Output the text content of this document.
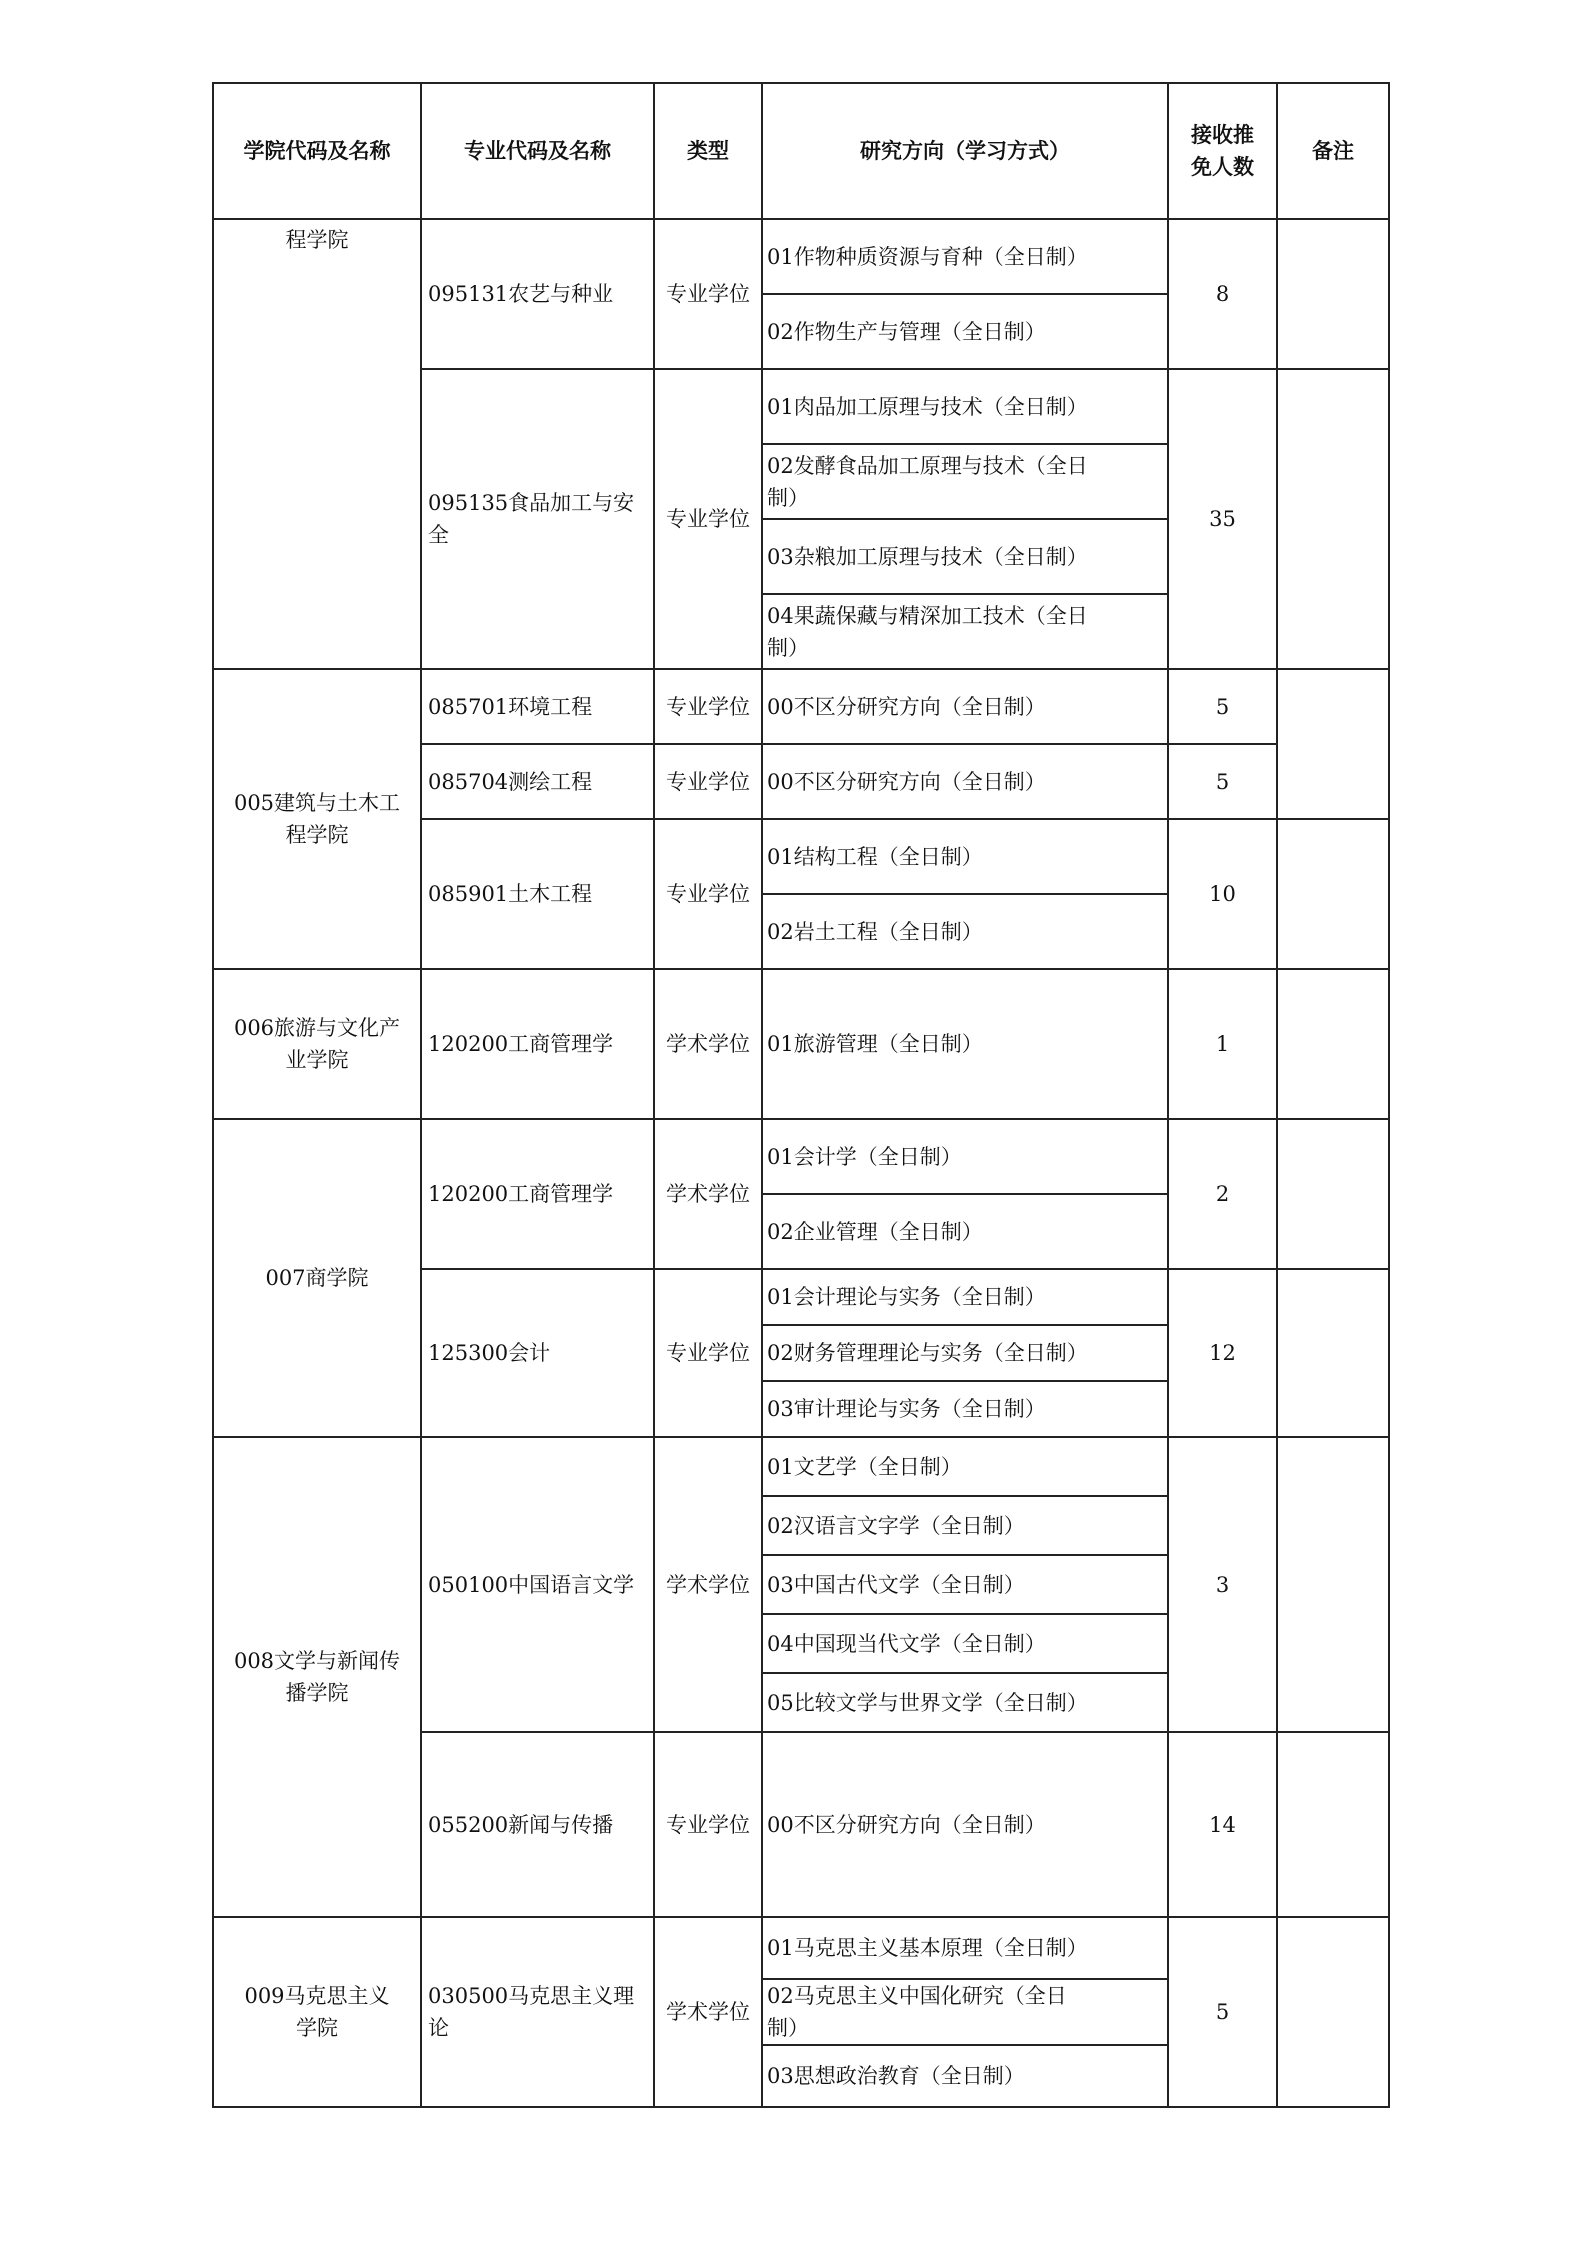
学院代码及名称	专业代码及名称	类型	研究方向（学习方式）	接收推免人数	备注
程学院	095131农艺与种业	专业学位	01作物种质资源与育种（全日制）	8	
			02作物生产与管理（全日制）		
	095135食品加工与安全	专业学位	01肉品加工原理与技术（全日制）	35	
			02发酵食品加工原理与技术（全日制）		
			03杂粮加工原理与技术（全日制）		
			04果蔬保藏与精深加工技术（全日制）		
005建筑与土木工程学院	085701环境工程	专业学位	00不区分研究方向（全日制）	5	
	085704测绘工程	专业学位	00不区分研究方向（全日制）	5	
	085901土木工程	专业学位	01结构工程（全日制）	10	
			02岩土工程（全日制）		
006旅游与文化产业学院	120200工商管理学	学术学位	01旅游管理（全日制）	1	
007商学院	120200工商管理学	学术学位	01会计学（全日制）	2	
			02企业管理（全日制）		
	125300会计	专业学位	01会计理论与实务（全日制）	12	
			02财务管理理论与实务（全日制）		
			03审计理论与实务（全日制）		
008文学与新闻传播学院	050100中国语言文学	学术学位	01文艺学（全日制）	3	
			02汉语言文字学（全日制）		
			03中国古代文学（全日制）		
			04中国现当代文学（全日制）		
			05比较文学与世界文学（全日制）		
	055200新闻与传播	专业学位	00不区分研究方向（全日制）	14	
009马克思主义学院	030500马克思主义理论	学术学位	01马克思主义基本原理（全日制）	5	
			02马克思主义中国化研究（全日制）		
			03思想政治教育（全日制）		
